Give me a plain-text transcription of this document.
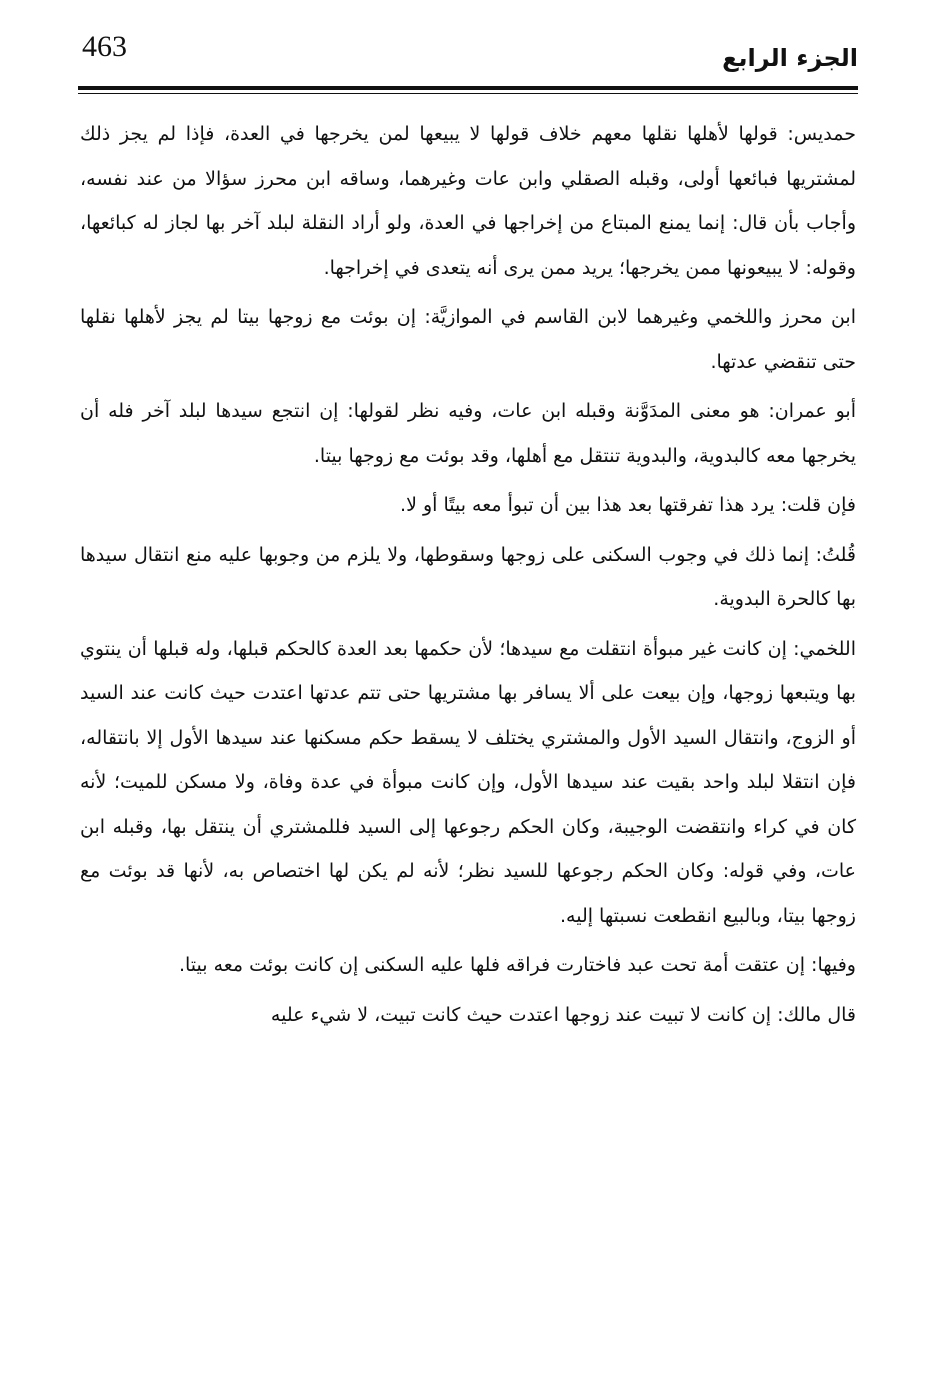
463	الجزء الرابع

حمديس: قولها لأهلها نقلها معهم خلاف قولها لا يبيعها لمن يخرجها في العدة، فإذا لم يجز ذلك لمشتريها فبائعها أولى، وقبله الصقلي وابن عات وغيرهما، وساقه ابن محرز سؤالا من عند نفسه، وأجاب بأن قال: إنما يمنع المبتاع من إخراجها في العدة، ولو أراد النقلة لبلد آخر بها لجاز له كبائعها، وقوله: لا يبيعونها ممن يخرجها؛ يريد ممن يرى أنه يتعدى في إخراجها.

ابن محرز واللخمي وغيرهما لابن القاسم في الموازيَّة: إن بوئت مع زوجها بيتا لم يجز لأهلها نقلها حتى تنقضي عدتها.

أبو عمران: هو معنى المدَوَّنة وقبله ابن عات، وفيه نظر لقولها: إن انتجع سيدها لبلد آخر فله أن يخرجها معه كالبدوية، والبدوية تنتقل مع أهلها، وقد بوئت مع زوجها بيتا.

فإن قلت: يرد هذا تفرقتها بعد هذا بين أن تبوأ معه بيتًا أو لا.

قُلتُ: إنما ذلك في وجوب السكنى على زوجها وسقوطها، ولا يلزم من وجوبها عليه منع انتقال سيدها بها كالحرة البدوية.

اللخمي: إن كانت غير مبوأة انتقلت مع سيدها؛ لأن حكمها بعد العدة كالحكم قبلها، وله قبلها أن ينتوي بها ويتبعها زوجها، وإن بيعت على ألا يسافر بها مشتريها حتى تتم عدتها اعتدت حيث كانت عند السيد أو الزوج، وانتقال السيد الأول والمشتري يختلف لا يسقط حكم مسكنها عند سيدها الأول إلا بانتقاله، فإن انتقلا لبلد واحد بقيت عند سيدها الأول، وإن كانت مبوأة في عدة وفاة، ولا مسكن للميت؛ لأنه كان في كراء وانتقضت الوجيبة، وكان الحكم رجوعها إلى السيد فللمشتري أن ينتقل بها، وقبله ابن عات، وفي قوله: وكان الحكم رجوعها للسيد نظر؛ لأنه لم يكن لها اختصاص به، لأنها قد بوئت مع زوجها بيتا، وبالبيع انقطعت نسبتها إليه.

وفيها: إن عتقت أمة تحت عبد فاختارت فراقه فلها عليه السكنى إن كانت بوئت معه بيتا.

قال مالك: إن كانت لا تبيت عند زوجها اعتدت حيث كانت تبيت، لا شيء عليه
